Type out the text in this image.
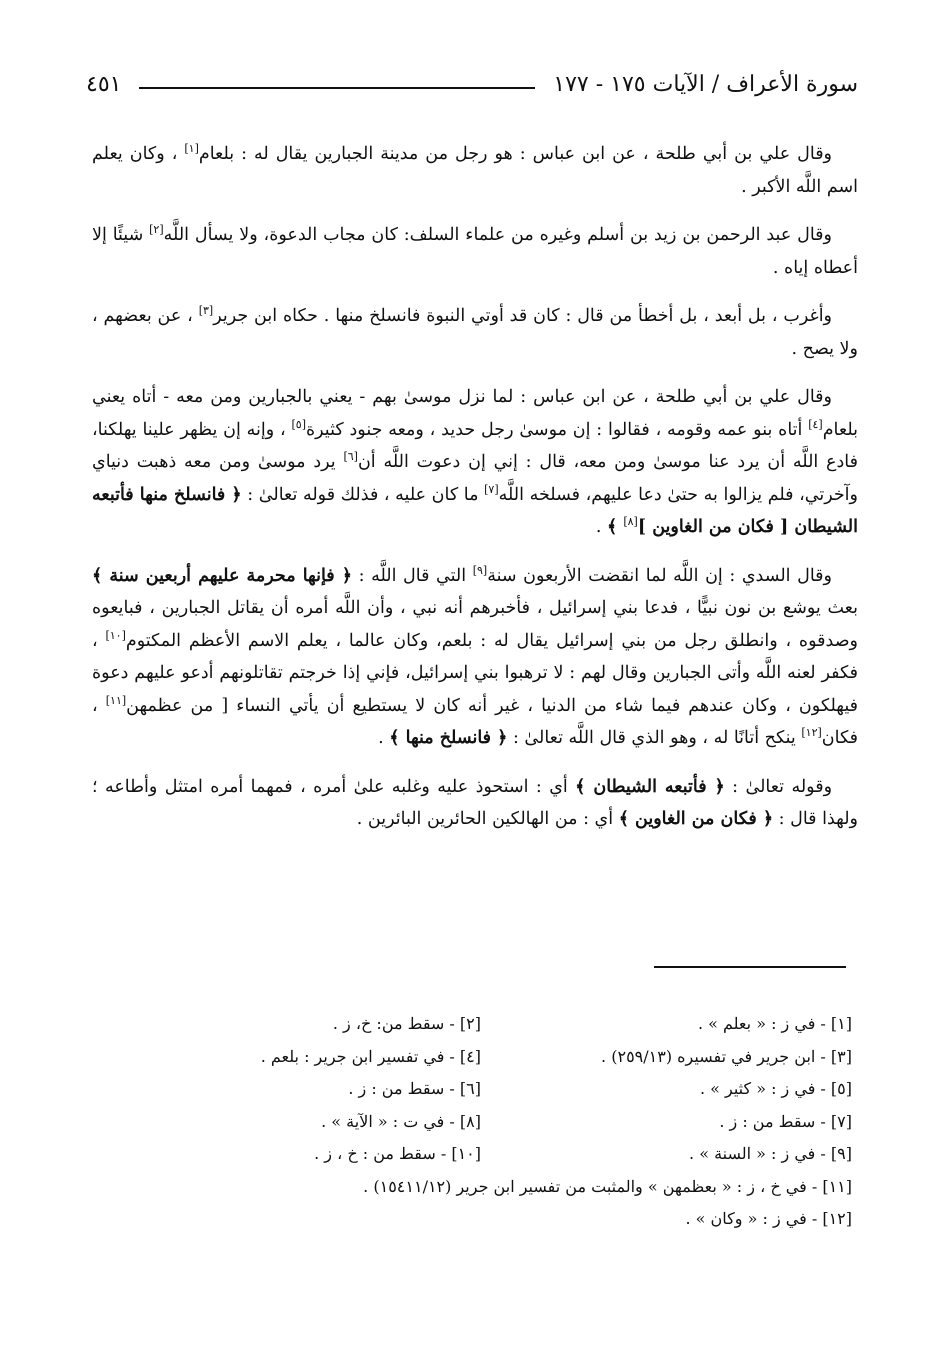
سورة الأعراف / الآيات ١٧٥ - ١٧٧
٤٥١

وقال علي بن أبي طلحة ، عن ابن عباس : هو رجل من مدينة الجبارين يقال له : بلعام[١] ، وكان يعلم اسم اللَّه الأكبر .

وقال عبد الرحمن بن زيد بن أسلم وغيره من علماء السلف: كان مجاب الدعوة، ولا يسأل اللَّه[٢] شيئًا إلا أعطاه إياه .

وأغرب ، بل أبعد ، بل أخطأ من قال : كان قد أوتي النبوة فانسلخ منها . حكاه ابن جرير[٣] ، عن بعضهم ، ولا يصح .

وقال علي بن أبي طلحة ، عن ابن عباس : لما نزل موسىٰ بهم - يعني بالجبارين ومن معه - أتاه يعني بلعام[٤] أتاه بنو عمه وقومه ، فقالوا : إن موسىٰ رجل حديد ، ومعه جنود كثيرة[٥] ، وإنه إن يظهر علينا يهلكنا، فادع اللَّه أن يرد عنا موسىٰ ومن معه، قال : إني إن دعوت اللَّه أن[٦] يرد موسىٰ ومن معه ذهبت دنياي وآخرتي، فلم يزالوا به حتىٰ دعا عليهم، فسلخه اللَّه[٧] ما كان عليه ، فذلك قوله تعالىٰ : ﴿ فانسلخ منها فأتبعه الشيطان [ فكان من الغاوين ][٨] ﴾ .

وقال السدي : إن اللَّه لما انقضت الأربعون سنة[٩] التي قال اللَّه : ﴿ فإنها محرمة عليهم أربعين سنة ﴾ بعث يوشع بن نون نبيًّا ، فدعا بني إسرائيل ، فأخبرهم أنه نبي ، وأن اللَّه أمره أن يقاتل الجبارين ، فبايعوه وصدقوه ، وانطلق رجل من بني إسرائيل يقال له : بلعم، وكان عالما ، يعلم الاسم الأعظم المكتوم[١٠] ، فكفر لعنه اللَّه وأتى الجبارين وقال لهم : لا ترهبوا بني إسرائيل، فإني إذا خرجتم تقاتلونهم أدعو عليهم دعوة فيهلكون ، وكان عندهم فيما شاء من الدنيا ، غير أنه كان لا يستطيع أن يأتي النساء [ من عظمهن[١١] ، فكان[١٢] ينكح أتانًا له ، وهو الذي قال اللَّه تعالىٰ : ﴿ فانسلخ منها ﴾ .

وقوله تعالىٰ : ﴿ فأتبعه الشيطان ﴾ أي : استحوذ عليه وغلبه علىٰ أمره ، فمهما أمره امتثل وأطاعه ؛ ولهذا قال : ﴿ فكان من الغاوين ﴾ أي : من الهالكين الحائرين البائرين .

[١] - في ز : « بعلم » .
[٢] - سقط من: خ، ز .
[٣] - ابن جرير في تفسيره (٢٥٩/١٣) .
[٤] - في تفسير ابن جرير : بلعم .
[٥] - في ز : « كثير » .
[٦] - سقط من : ز .
[٧] - سقط من : ز .
[٨] - في ت : « الآية » .
[٩] - في ز : « السنة » .
[١٠] - سقط من : خ ، ز .
[١١] - في خ ، ز : « بعظمهن » والمثبت من تفسير ابن جرير (١٥٤١١/١٢) .
[١٢] - في ز : « وكان » .
